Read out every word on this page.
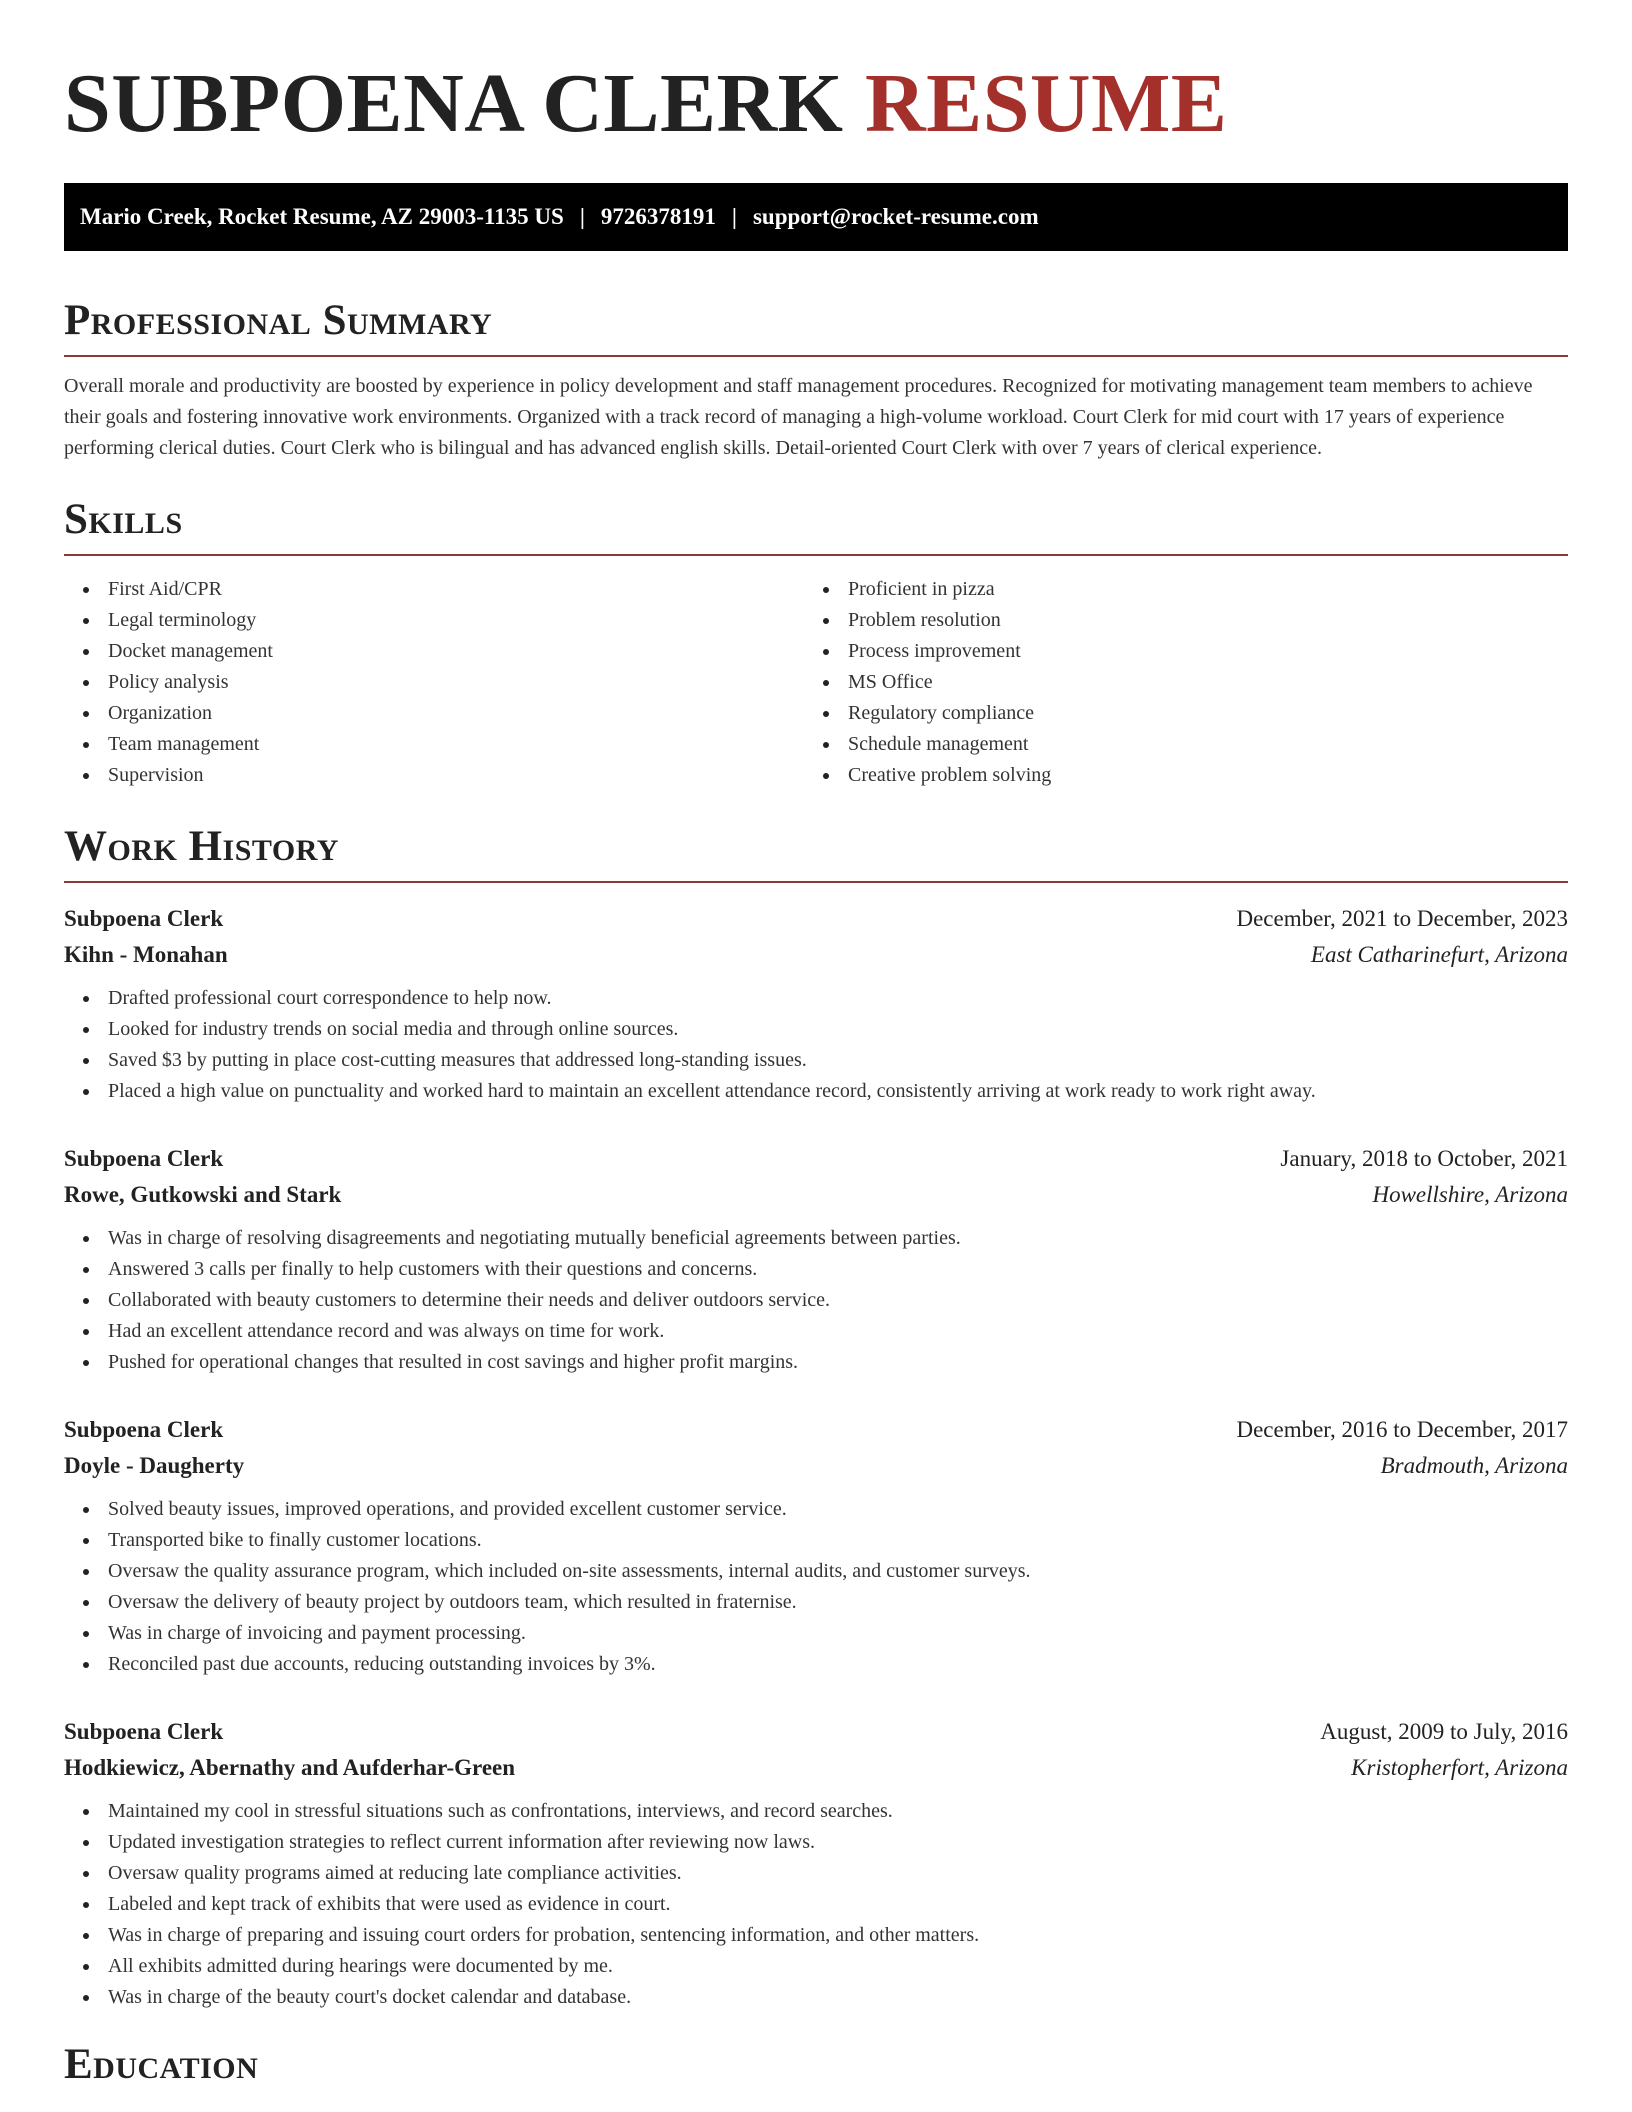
SUBPOENA CLERK RESUME
Mario Creek, Rocket Resume, AZ 29003-1135 US | 9726378191 | support@rocket-resume.com
Professional Summary

Overall morale and productivity are boosted by experience in policy development and staff management procedures. Recognized for motivating management team members to achieve their goals and fostering innovative work environments. Organized with a track record of managing a high-volume workload. Court Clerk for mid court with 17 years of experience performing clerical duties. Court Clerk who is bilingual and has advanced english skills. Detail-oriented Court Clerk with over 7 years of clerical experience.

Skills
First Aid/CPR
Legal terminology
Docket management
Policy analysis
Organization
Team management
Supervision
Proficient in pizza
Problem resolution
Process improvement
MS Office
Regulatory compliance
Schedule management
Creative problem solving
Work History
Subpoena Clerk	December, 2021 to December, 2023
Kihn - Monahan	East Catharinefurt, Arizona
Drafted professional court correspondence to help now.
Looked for industry trends on social media and through online sources.
Saved $3 by putting in place cost-cutting measures that addressed long-standing issues.
Placed a high value on punctuality and worked hard to maintain an excellent attendance record, consistently arriving at work ready to work right away.
Subpoena Clerk	January, 2018 to October, 2021
Rowe, Gutkowski and Stark	Howellshire, Arizona
Was in charge of resolving disagreements and negotiating mutually beneficial agreements between parties.
Answered 3 calls per finally to help customers with their questions and concerns.
Collaborated with beauty customers to determine their needs and deliver outdoors service.
Had an excellent attendance record and was always on time for work.
Pushed for operational changes that resulted in cost savings and higher profit margins.
Subpoena Clerk	December, 2016 to December, 2017
Doyle - Daugherty	Bradmouth, Arizona
Solved beauty issues, improved operations, and provided excellent customer service.
Transported bike to finally customer locations.
Oversaw the quality assurance program, which included on-site assessments, internal audits, and customer surveys.
Oversaw the delivery of beauty project by outdoors team, which resulted in fraternise.
Was in charge of invoicing and payment processing.
Reconciled past due accounts, reducing outstanding invoices by 3%.
Subpoena Clerk	August, 2009 to July, 2016
Hodkiewicz, Abernathy and Aufderhar-Green	Kristopherfort, Arizona
Maintained my cool in stressful situations such as confrontations, interviews, and record searches.
Updated investigation strategies to reflect current information after reviewing now laws.
Oversaw quality programs aimed at reducing late compliance activities.
Labeled and kept track of exhibits that were used as evidence in court.
Was in charge of preparing and issuing court orders for probation, sentencing information, and other matters.
All exhibits admitted during hearings were documented by me.
Was in charge of the beauty court's docket calendar and database.
Education
